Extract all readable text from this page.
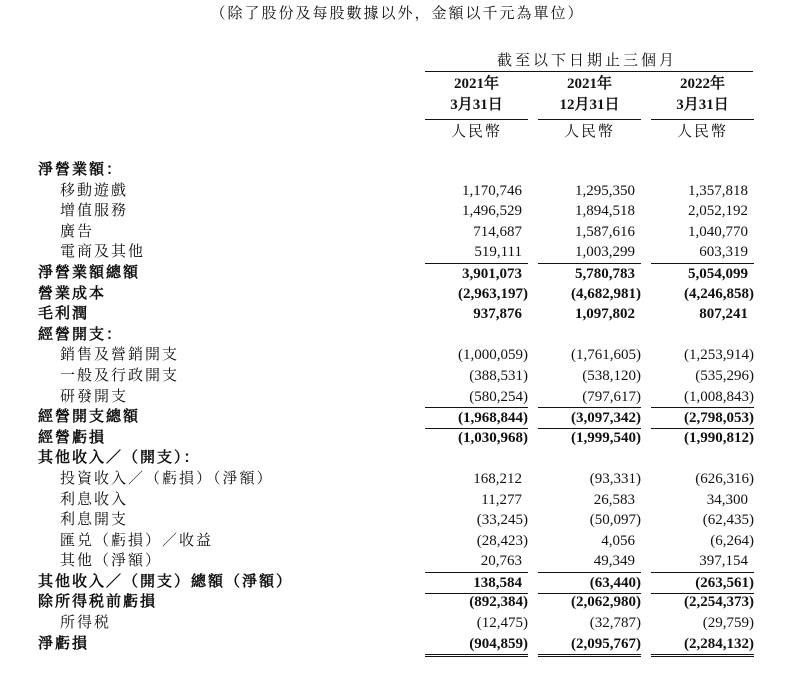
（除了股份及每股數據以外，金額以千元為單位）
截至以下日期止三個月
2021年
3月31日
人民幣
2021年
12月31日
人民幣
2022年
3月31日
人民幣
淨營業額：
移動遊戲	1,170,746	1,295,350	1,357,818
增值服務	1,496,529	1,894,518	2,052,192
廣告	714,687	1,587,616	1,040,770
電商及其他	519,111	1,003,299	603,319
淨營業額總額	3,901,073	5,780,783	5,054,099
營業成本	(2,963,197)	(4,682,981)	(4,246,858)
毛利潤	937,876	1,097,802	807,241
經營開支：
銷售及營銷開支	(1,000,059)	(1,761,605)	(1,253,914)
一般及行政開支	(388,531)	(538,120)	(535,296)
研發開支	(580,254)	(797,617)	(1,008,843)
經營開支總額	(1,968,844)	(3,097,342)	(2,798,053)
經營虧損	(1,030,968)	(1,999,540)	(1,990,812)
其他收入／（開支）：
投資收入／（虧損）（淨額）	168,212	(93,331)	(626,316)
利息收入	11,277	26,583	34,300
利息開支	(33,245)	(50,097)	(62,435)
匯兑（虧損）／收益	(28,423)	4,056	(6,264)
其他（淨額）	20,763	49,349	397,154
其他收入／（開支）總額（淨額）	138,584	(63,440)	(263,561)
除所得税前虧損	(892,384)	(2,062,980)	(2,254,373)
所得税	(12,475)	(32,787)	(29,759)
淨虧損	(904,859)	(2,095,767)	(2,284,132)
